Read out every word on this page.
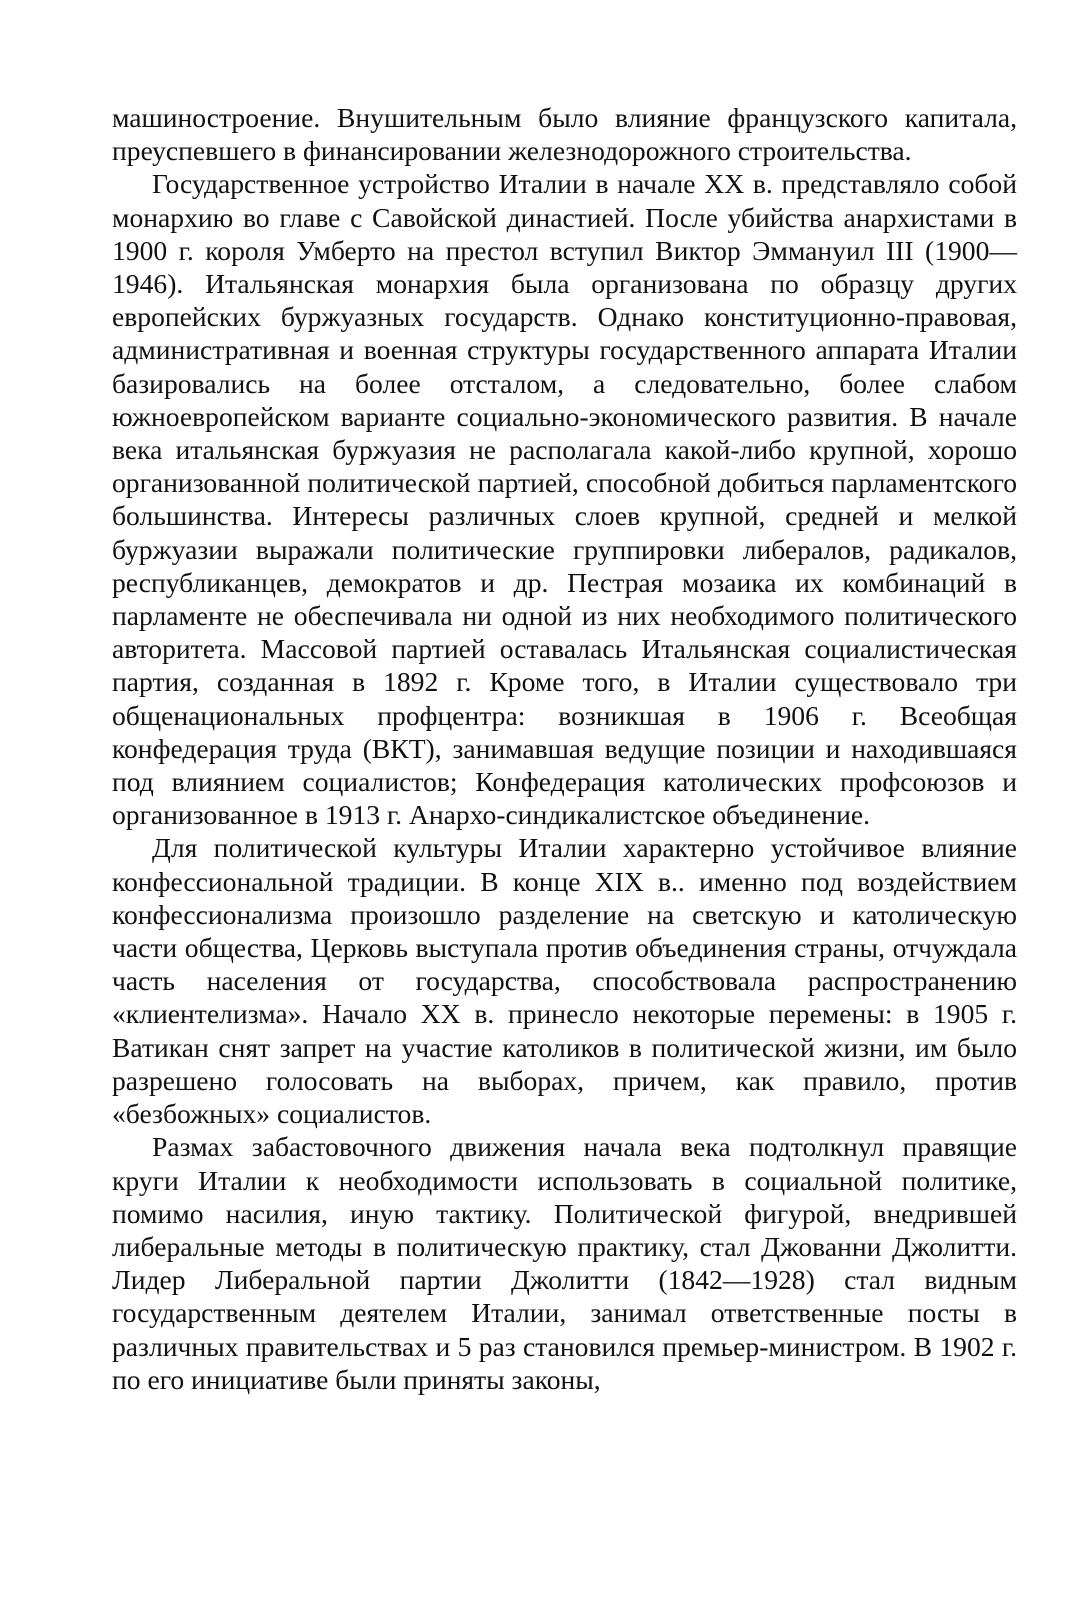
машиностроение. Внушительным было влияние французского капитала, преуспевшего в финансировании железнодорожного строительства.

Государственное устройство Италии в начале XX в. представляло собой монархию во главе с Савойской династией. После убийства анархистами в 1900 г. короля Умберто на престол вступил Виктор Эммануил III (1900—1946). Итальянская монархия была организована по образцу других европейских буржуазных государств. Однако конституционно-правовая, административная и военная структуры государственного аппарата Италии базировались на более отсталом, а следовательно, более слабом южноевропейском варианте социально-экономического развития. В начале века итальянская буржуазия не располагала какой-либо крупной, хорошо организованной политической партией, способной добиться парламентского большинства. Интересы различных слоев крупной, средней и мелкой буржуазии выражали политические группировки либералов, радикалов, республиканцев, демократов и др. Пестрая мозаика их комбинаций в парламенте не обеспечивала ни одной из них необходимого политического авторитета. Массовой партией оставалась Итальянская социалистическая партия, созданная в 1892 г. Кроме того, в Италии существовало три общенациональных профцентра: возникшая в 1906 г. Всеобщая конфедерация труда (ВКТ), занимавшая ведущие позиции и находившаяся под влиянием социалистов; Конфедерация католических профсоюзов и организованное в 1913 г. Анархо-синдикалистское объединение.

Для политической культуры Италии характерно устойчивое влияние конфессиональной традиции. В конце XIX в.. именно под воздействием конфессионализма произошло разделение на светскую и католическую части общества, Церковь выступала против объединения страны, отчуждала часть населения от государства, способствовала распространению «клиентелизма». Начало XX в. принесло некоторые перемены: в 1905 г. Ватикан снят запрет на участие католиков в политической жизни, им было разрешено голосовать на выборах, причем, как правило, против «безбожных» социалистов.

Размах забастовочного движения начала века подтолкнул правящие круги Италии к необходимости использовать в социальной политике, помимо насилия, иную тактику. Политической фигурой, внедрившей либеральные методы в политическую практику, стал Джованни Джолитти. Лидер Либеральной партии Джолитти (1842—1928) стал видным государственным деятелем Италии, занимал ответственные посты в различных правительствах и 5 раз становился премьер-министром. В 1902 г. по его инициативе были приняты законы,
